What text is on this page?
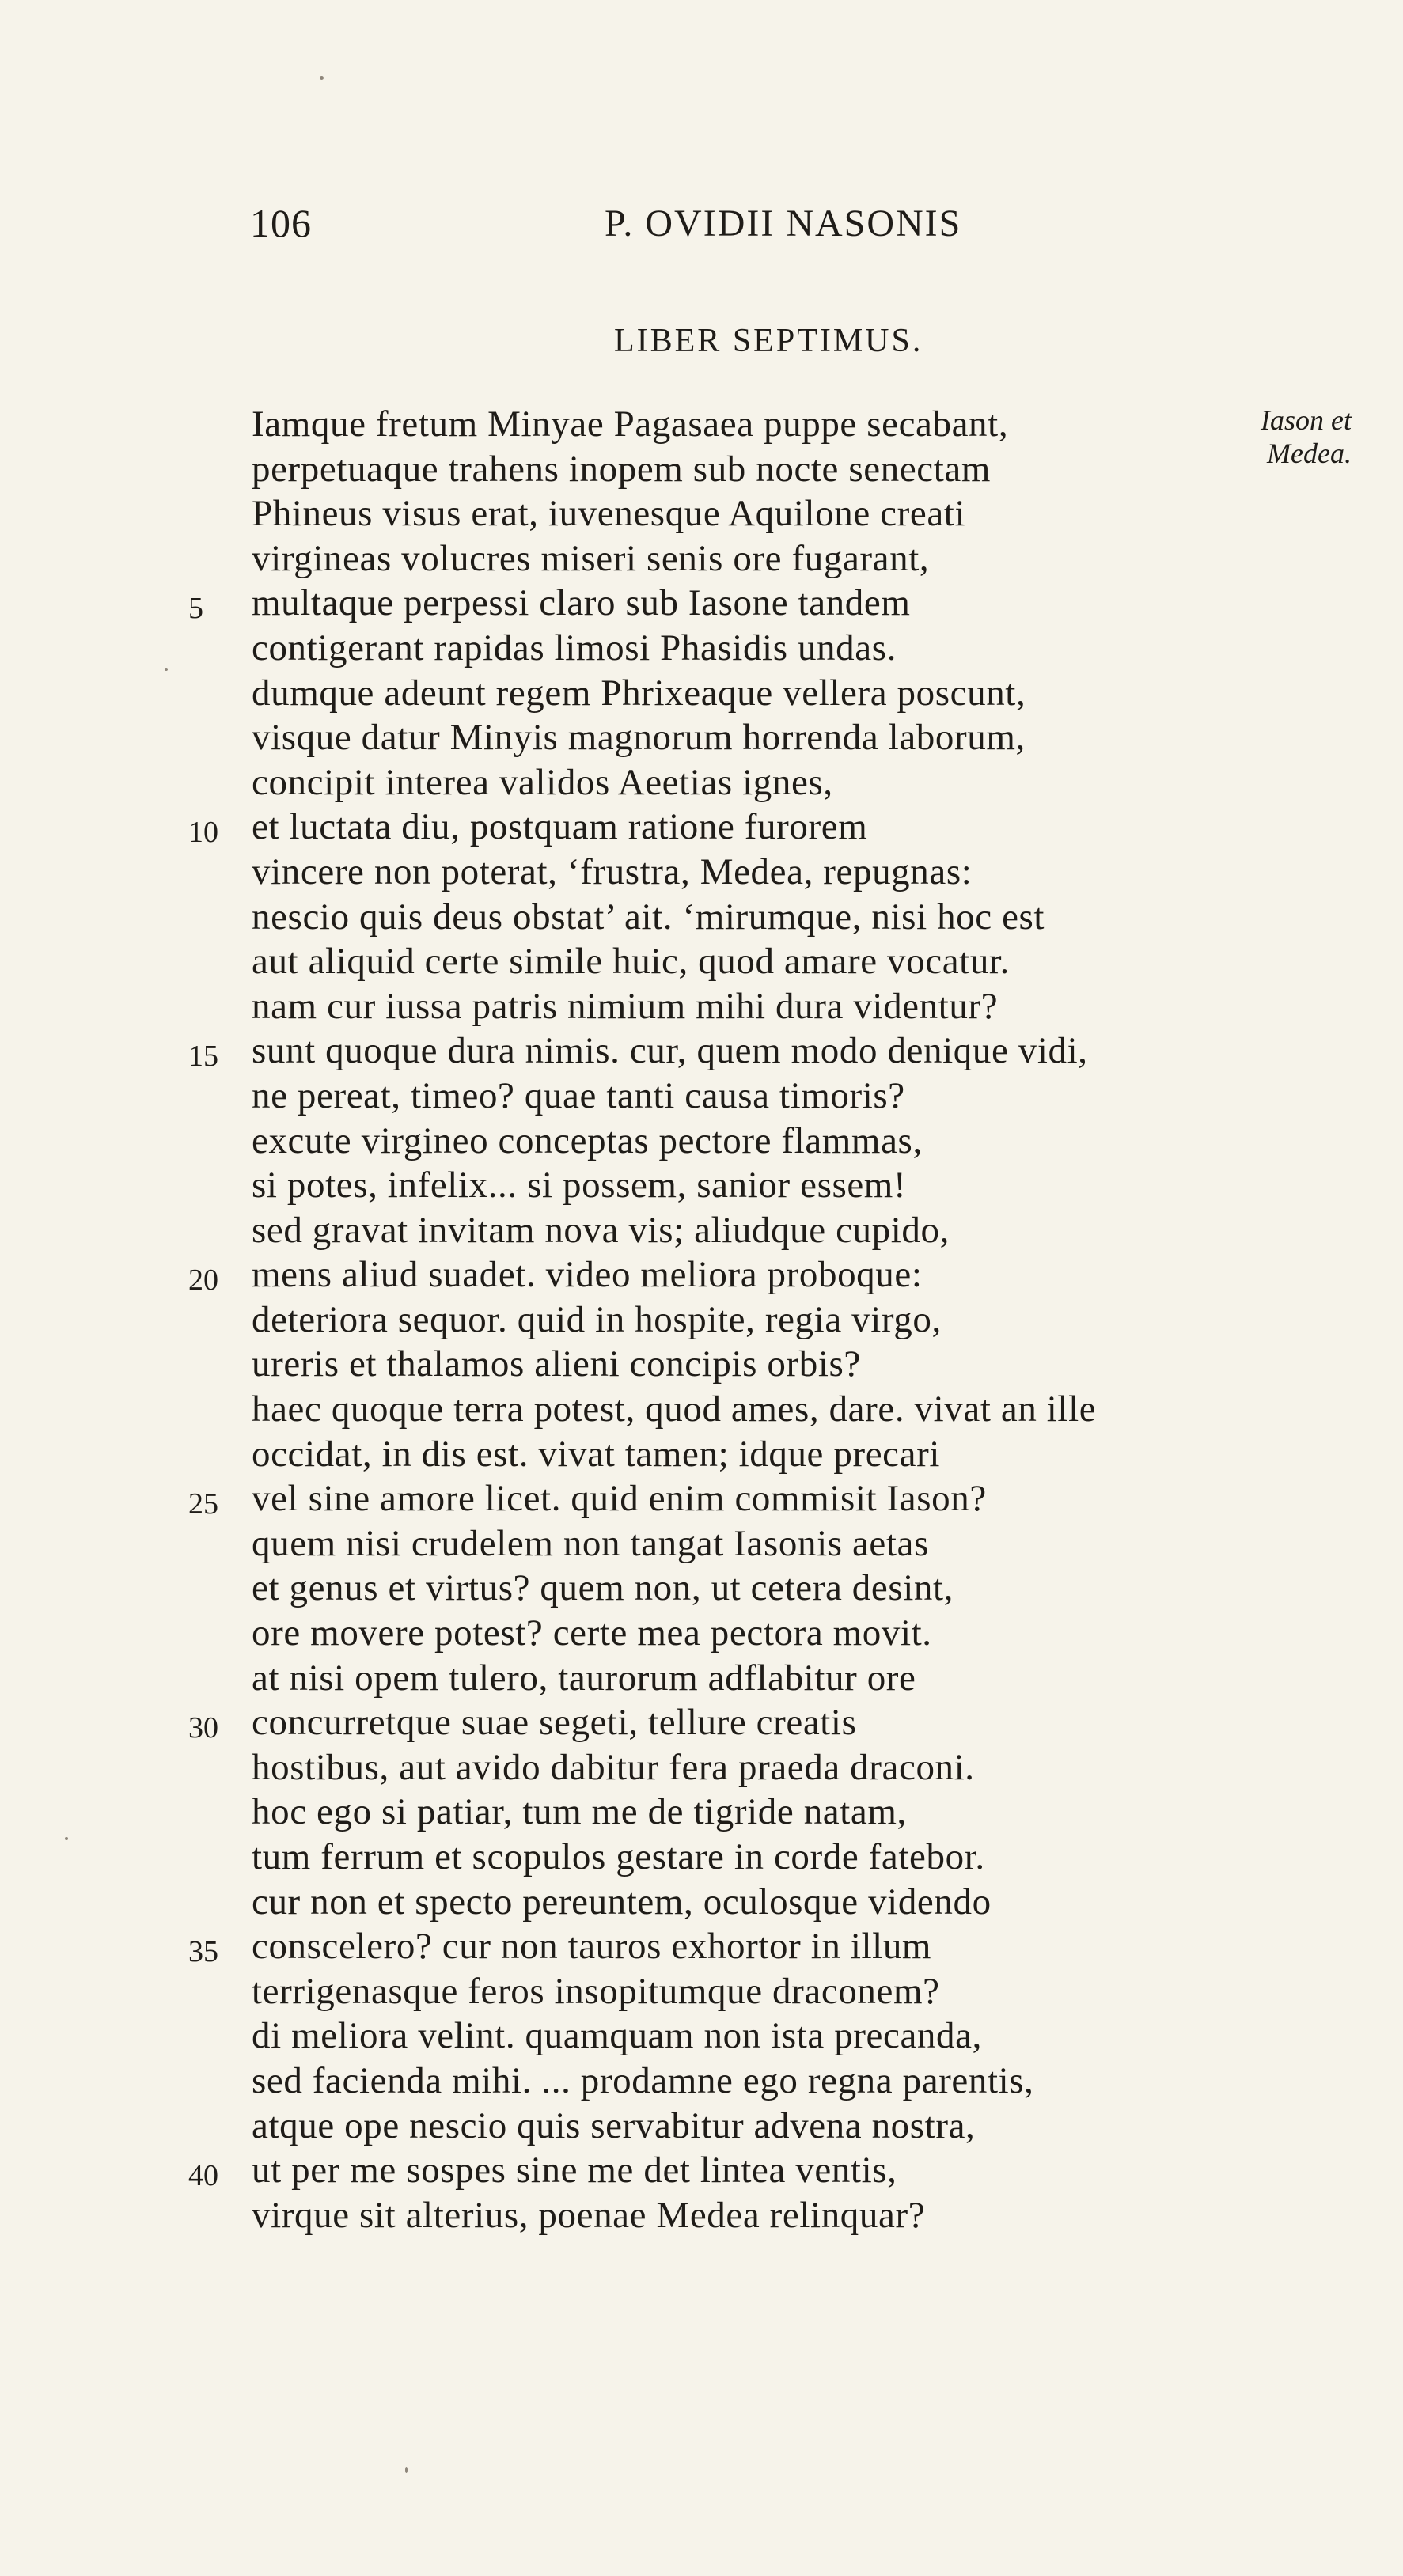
106	P. OVIDII NASONIS
LIBER SEPTIMUS.
Iason et
Medea.
Iamque fretum Minyae Pagasaea puppe secabant,
perpetuaque trahens inopem sub nocte senectam
Phineus visus erat, iuvenesque Aquilone creati
virgineas volucres miseri senis ore fugarant,
5	multaque perpessi claro sub Iasone tandem
contigerant rapidas limosi Phasidis undas.
dumque adeunt regem Phrixeaque vellera poscunt,
visque datur Minyis magnorum horrenda laborum,
concipit interea validos Aeetias ignes,
10 et luctata diu, postquam ratione furorem
vincere non poterat, ‘frustra, Medea, repugnas:
nescio quis deus obstat’ ait. ‘mirumque, nisi hoc est
aut aliquid certe simile huic, quod amare vocatur.
nam cur iussa patris nimium mihi dura videntur?
15 sunt quoque dura nimis. cur, quem modo denique vidi,
ne pereat, timeo? quae tanti causa timoris?
excute virgineo conceptas pectore flammas,
si potes, infelix... si possem, sanior essem!
sed gravat invitam nova vis; aliudque cupido,
20 mens aliud suadet. video meliora proboque:
deteriora sequor. quid in hospite, regia virgo,
ureris et thalamos alieni concipis orbis?
haec quoque terra potest, quod ames, dare. vivat an ille
occidat, in dis est. vivat tamen; idque precari
25 vel sine amore licet. quid enim commisit Iason?
quem nisi crudelem non tangat Iasonis aetas
et genus et virtus? quem non, ut cetera desint,
ore movere potest? certe mea pectora movit.
at nisi opem tulero, taurorum adflabitur ore
30 concurretque suae segeti, tellure creatis
hostibus, aut avido dabitur fera praeda draconi.
hoc ego si patiar, tum me de tigride natam,
tum ferrum et scopulos gestare in corde fatebor.
cur non et specto pereuntem, oculosque videndo
35 conscelero? cur non tauros exhortor in illum
terrigenasque feros insopitumque draconem?
di meliora velint. quamquam non ista precanda,
sed facienda mihi. ... prodamne ego regna parentis,
atque ope nescio quis servabitur advena nostra,
40 ut per me sospes sine me det lintea ventis,
virque sit alterius, poenae Medea relinquar?
